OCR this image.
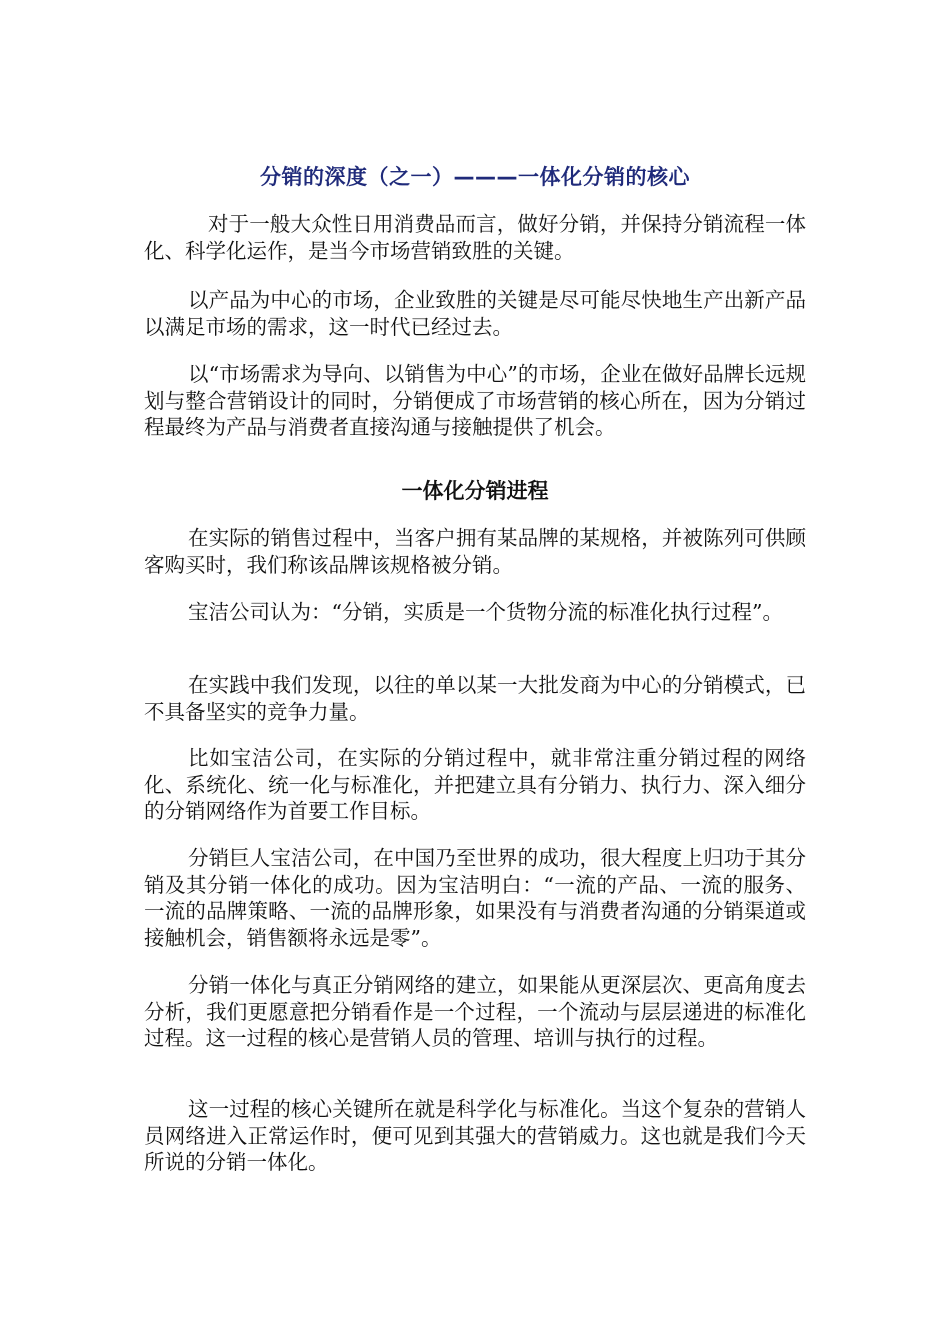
分销的深度（之一）———一体化分销的核心

对于一般大众性日用消费品而言，做好分销，并保持分销流程一体化、科学化运作，是当今市场营销致胜的关键。

以产品为中心的市场，企业致胜的关键是尽可能尽快地生产出新产品以满足市场的需求，这一时代已经过去。

以“市场需求为导向、以销售为中心”的市场，企业在做好品牌长远规划与整合营销设计的同时，分销便成了市场营销的核心所在，因为分销过程最终为产品与消费者直接沟通与接触提供了机会。

一体化分销进程

在实际的销售过程中，当客户拥有某品牌的某规格，并被陈列可供顾客购买时，我们称该品牌该规格被分销。

宝洁公司认为：“分销，实质是一个货物分流的标准化执行过程”。

在实践中我们发现，以往的单以某一大批发商为中心的分销模式，已不具备坚实的竞争力量。

比如宝洁公司，在实际的分销过程中，就非常注重分销过程的网络化、系统化、统一化与标准化，并把建立具有分销力、执行力、深入细分的分销网络作为首要工作目标。

分销巨人宝洁公司，在中国乃至世界的成功，很大程度上归功于其分销及其分销一体化的成功。因为宝洁明白：“一流的产品、一流的服务、一流的品牌策略、一流的品牌形象，如果没有与消费者沟通的分销渠道或接触机会，销售额将永远是零”。

分销一体化与真正分销网络的建立，如果能从更深层次、更高角度去分析，我们更愿意把分销看作是一个过程，一个流动与层层递进的标准化过程。这一过程的核心是营销人员的管理、培训与执行的过程。

这一过程的核心关键所在就是科学化与标准化。当这个复杂的营销人员网络进入正常运作时，便可见到其强大的营销威力。这也就是我们今天所说的分销一体化。
